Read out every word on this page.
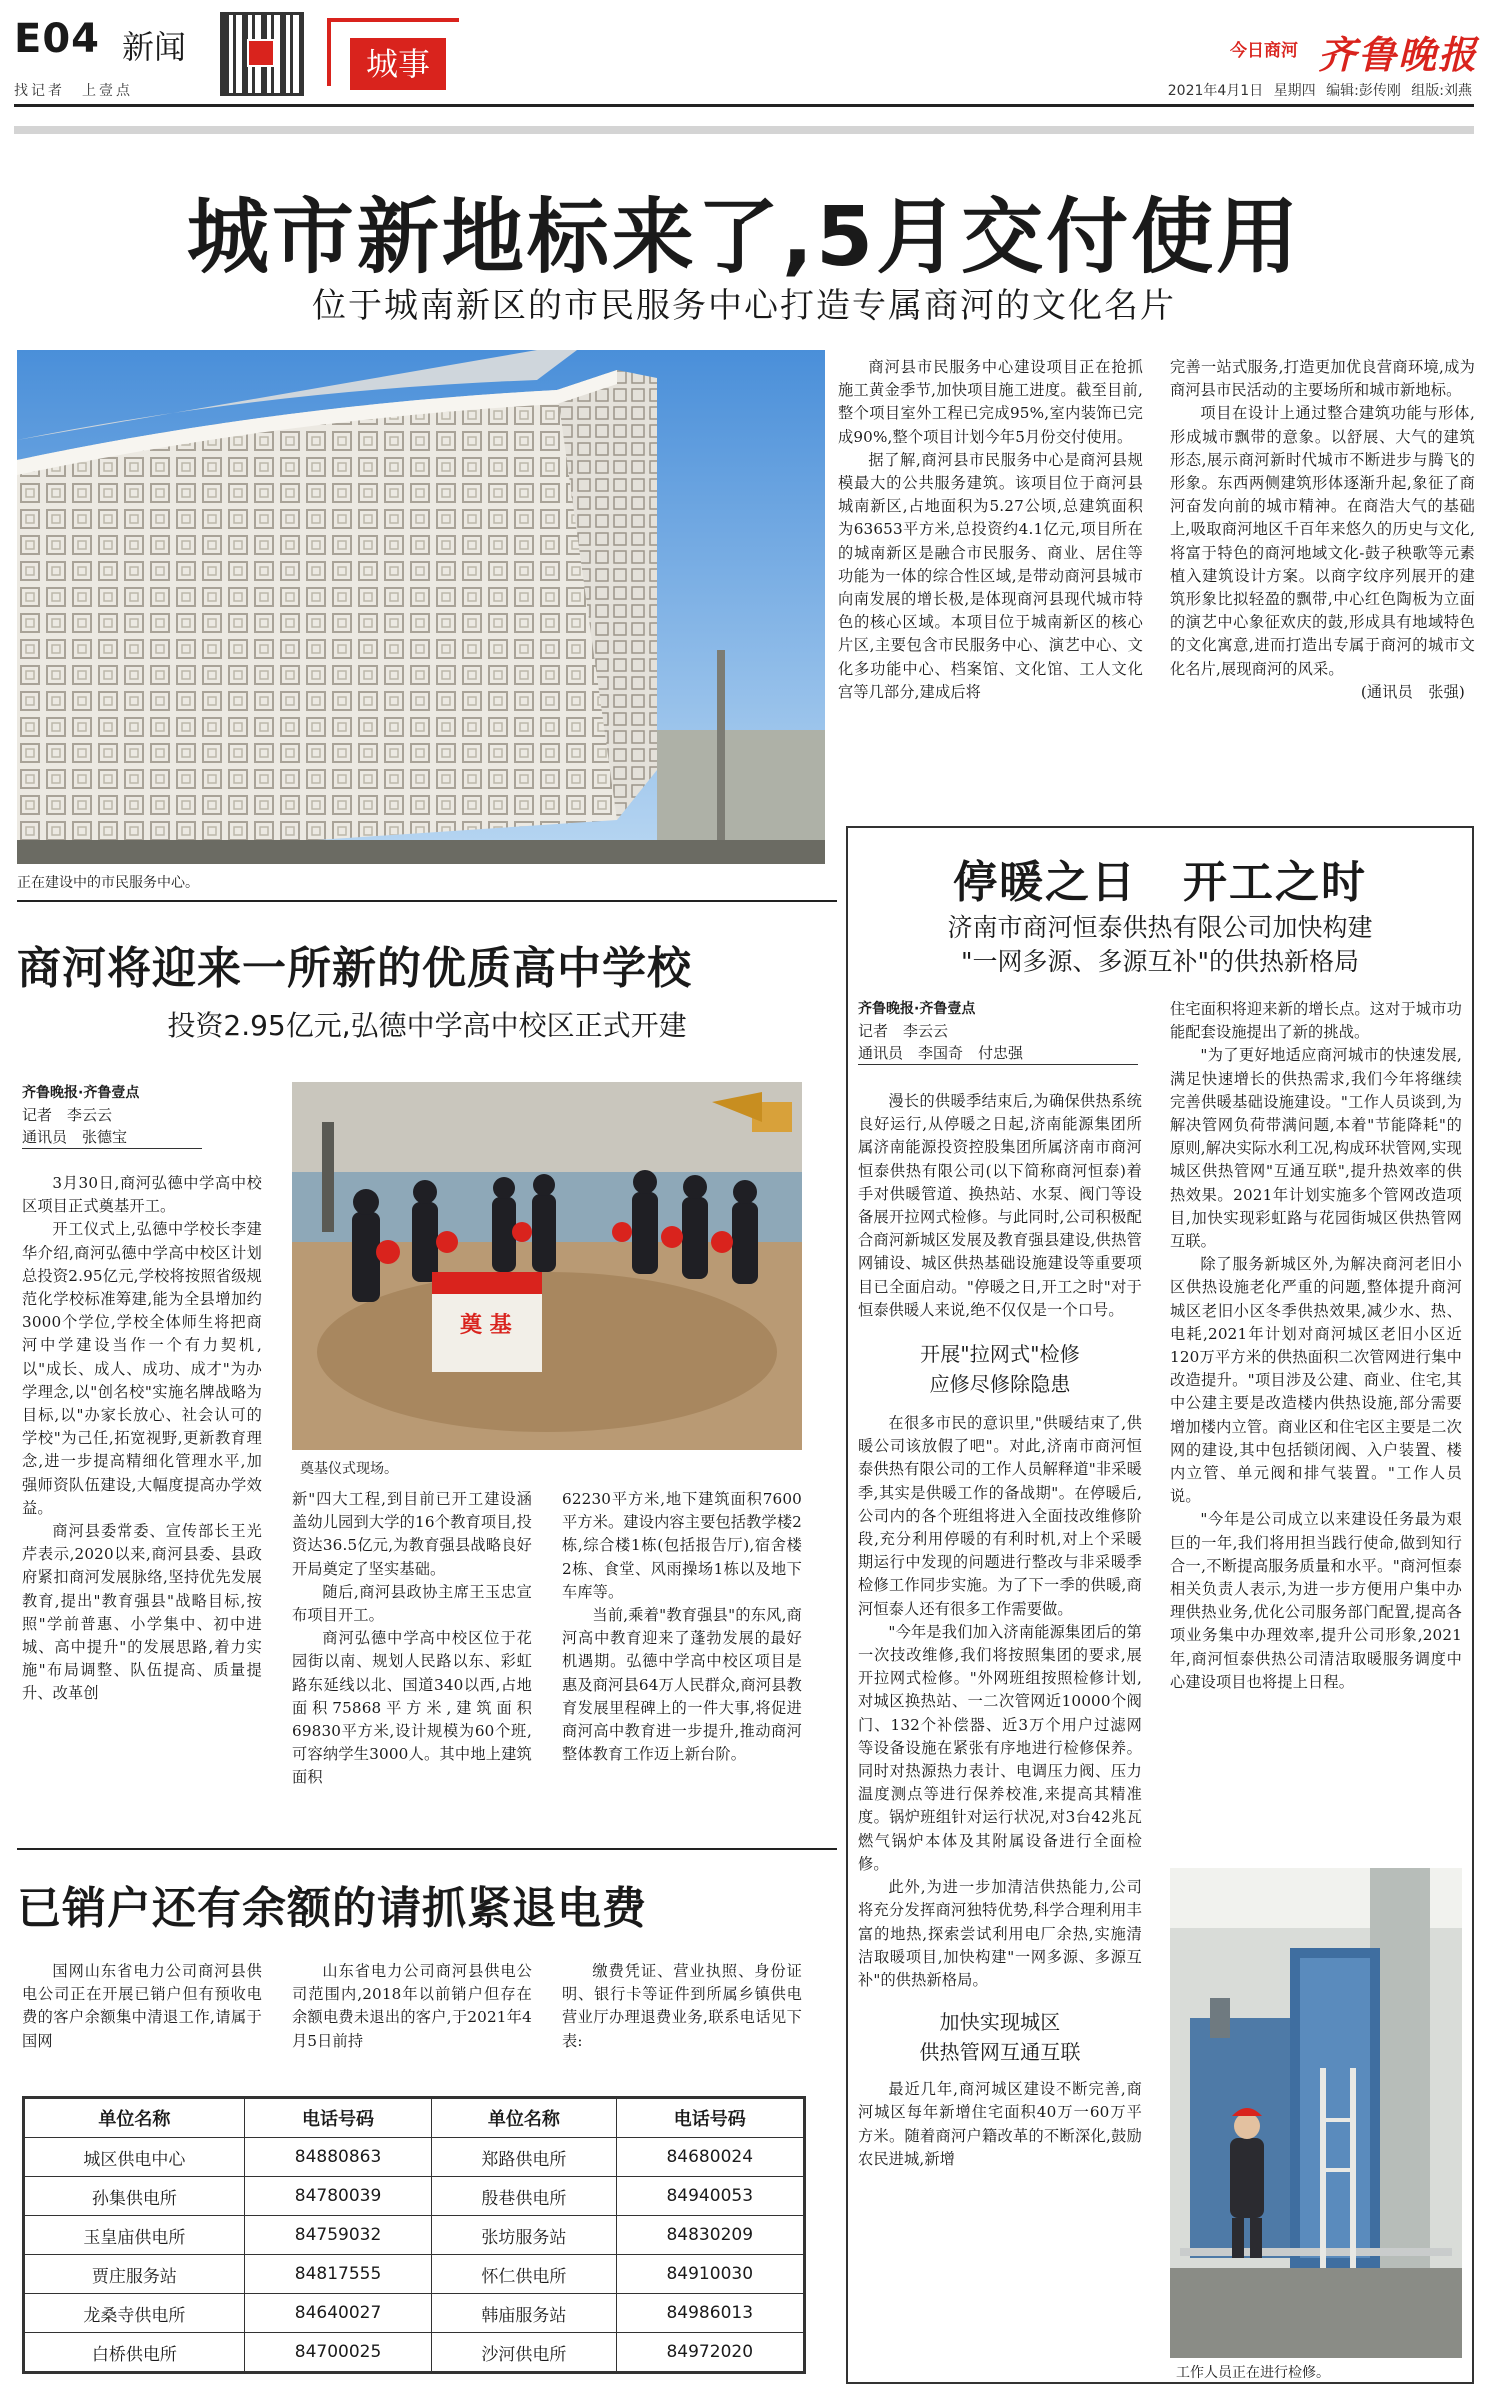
E04 新闻
找记者　上壹点
城事	今日商河 齐鲁晚报
2021年4月1日 星期四 编辑:彭传刚 组版:刘燕
城市新地标来了,5月交付使用
位于城南新区的市民服务中心打造专属商河的文化名片
正在建设中的市民服务中心。

商河县市民服务中心建设项目正在抢抓施工黄金季节,加快项目施工进度。截至目前,整个项目室外工程已完成95%,室内装饰已完成90%,整个项目计划今年5月份交付使用。

据了解,商河县市民服务中心是商河县规模最大的公共服务建筑。该项目位于商河县城南新区,占地面积为5.27公顷,总建筑面积为63653平方米,总投资约4.1亿元,项目所在的城南新区是融合市民服务、商业、居住等功能为一体的综合性区域,是带动商河县城市向南发展的增长极,是体现商河县现代城市特色的核心区域。本项目位于城南新区的核心片区,主要包含市民服务中心、演艺中心、文化多功能中心、档案馆、文化馆、工人文化宫等几部分,建成后将

完善一站式服务,打造更加优良营商环境,成为商河县市民活动的主要场所和城市新地标。

项目在设计上通过整合建筑功能与形体,形成城市飘带的意象。以舒展、大气的建筑形态,展示商河新时代城市不断进步与腾飞的形象。东西两侧建筑形体逐渐升起,象征了商河奋发向前的城市精神。在商浩大气的基础上,吸取商河地区千百年来悠久的历史与文化,将富于特色的商河地域文化-鼓子秧歌等元素植入建筑设计方案。以商字纹序列展开的建筑形象比拟轻盈的飘带,中心红色陶板为立面的演艺中心象征欢庆的鼓,形成具有地域特色的文化寓意,进而打造出专属于商河的城市文化名片,展现商河的风采。

(通讯员　张强)
商河将迎来一所新的优质高中学校
投资2.95亿元,弘德中学高中校区正式开建
齐鲁晚报·齐鲁壹点
记者　李云云
通讯员　张德宝

3月30日,商河弘德中学高中校区项目正式奠基开工。

开工仪式上,弘德中学校长李建华介绍,商河弘德中学高中校区计划总投资2.95亿元,学校将按照省级规范化学校标准筹建,能为全县增加约3000个学位,学校全体师生将把商河中学建设当作一个有力契机,以"成长、成人、成功、成才"为办学理念,以"创名校"实施名牌战略为目标,以"办家长放心、社会认可的学校"为己任,拓宽视野,更新教育理念,进一步提高精细化管理水平,加强师资队伍建设,大幅度提高办学效益。

商河县委常委、宣传部长王光芹表示,2020以来,商河县委、县政府紧扣商河发展脉络,坚持优先发展教育,提出"教育强县"战略目标,按照"学前普惠、小学集中、初中进城、高中提升"的发展思路,着力实施"布局调整、队伍提高、质量提升、改革创

奠 基
奠基仪式现场。

新"四大工程,到目前已开工建设涵盖幼儿园到大学的16个教育项目,投资达36.5亿元,为教育强县战略良好开局奠定了坚实基础。

随后,商河县政协主席王玉忠宣布项目开工。

商河弘德中学高中校区位于花园街以南、规划人民路以东、彩虹路东延线以北、国道340以西,占地面积75868平方米,建筑面积69830平方米,设计规模为60个班,可容纳学生3000人。其中地上建筑面积

62230平方米,地下建筑面积7600平方米。建设内容主要包括教学楼2栋,综合楼1栋(包括报告厅),宿舍楼2栋、食堂、风雨操场1栋以及地下车库等。

当前,乘着"教育强县"的东风,商河高中教育迎来了蓬勃发展的最好机遇期。弘德中学高中校区项目是惠及商河县64万人民群众,商河县教育发展里程碑上的一件大事,将促进商河高中教育进一步提升,推动商河整体教育工作迈上新台阶。

已销户还有余额的请抓紧退电费

国网山东省电力公司商河县供电公司正在开展已销户但有预收电费的客户余额集中清退工作,请属于国网

山东省电力公司商河县供电公司范围内,2018年以前销户但存在余额电费未退出的客户,于2021年4月5日前持

缴费凭证、营业执照、身份证明、银行卡等证件到所属乡镇供电营业厅办理退费业务,联系电话见下表:

单位名称	电话号码	单位名称	电话号码
城区供电中心	84880863	郑路供电所	84680024
孙集供电所	84780039	殷巷供电所	84940053
玉皇庙供电所	84759032	张坊服务站	84830209
贾庄服务站	84817555	怀仁供电所	84910030
龙桑寺供电所	84640027	韩庙服务站	84986013
白桥供电所	84700025	沙河供电所	84972020
停暖之日　开工之时
济南市商河恒泰供热有限公司加快构建
"一网多源、多源互补"的供热新格局
齐鲁晚报·齐鲁壹点
记者　李云云
通讯员　李国奇　付忠强

漫长的供暖季结束后,为确保供热系统良好运行,从停暖之日起,济南能源集团所属济南能源投资控股集团所属济南市商河恒泰供热有限公司(以下简称商河恒泰)着手对供暖管道、换热站、水泵、阀门等设备展开拉网式检修。与此同时,公司积极配合商河新城区发展及教育强县建设,供热管网铺设、城区供热基础设施建设等重要项目已全面启动。"停暖之日,开工之时"对于恒泰供暖人来说,绝不仅仅是一个口号。

开展"拉网式"检修
应修尽修除隐患

在很多市民的意识里,"供暖结束了,供暖公司该放假了吧"。对此,济南市商河恒泰供热有限公司的工作人员解释道"非采暖季,其实是供暖工作的备战期"。在停暖后,公司内的各个班组将进入全面技改维修阶段,充分利用停暖的有利时机,对上个采暖期运行中发现的问题进行整改与非采暖季检修工作同步实施。为了下一季的供暖,商河恒泰人还有很多工作需要做。

"今年是我们加入济南能源集团后的第一次技改维修,我们将按照集团的要求,展开拉网式检修。"外网班组按照检修计划,对城区换热站、一二次管网近10000个阀门、132个补偿器、近3万个用户过滤网等设备设施在紧张有序地进行检修保养。同时对热源热力表计、电调压力阀、压力温度测点等进行保养校准,来提高其精准度。锅炉班组针对运行状况,对3台42兆瓦燃气锅炉本体及其附属设备进行全面检修。

此外,为进一步加清洁供热能力,公司将充分发挥商河独特优势,科学合理利用丰富的地热,探索尝试利用电厂余热,实施清洁取暖项目,加快构建"一网多源、多源互补"的供热新格局。

加快实现城区
供热管网互通互联

最近几年,商河城区建设不断完善,商河城区每年新增住宅面积40万一60万平方米。随着商河户籍改革的不断深化,鼓励农民进城,新增

住宅面积将迎来新的增长点。这对于城市功能配套设施提出了新的挑战。

"为了更好地适应商河城市的快速发展,满足快速增长的供热需求,我们今年将继续完善供暖基础设施建设。"工作人员谈到,为解决管网负荷带满问题,本着"节能降耗"的原则,解决实际水利工况,构成环状管网,实现城区供热管网"互通互联",提升热效率的供热效果。2021年计划实施多个管网改造项目,加快实现彩虹路与花园街城区供热管网互联。

除了服务新城区外,为解决商河老旧小区供热设施老化严重的问题,整体提升商河城区老旧小区冬季供热效果,减少水、热、电耗,2021年计划对商河城区老旧小区近120万平方米的供热面积二次管网进行集中改造提升。"项目涉及公建、商业、住宅,其中公建主要是改造楼内供热设施,部分需要增加楼内立管。商业区和住宅区主要是二次网的建设,其中包括锁闭阀、入户装置、楼内立管、单元阀和排气装置。"工作人员说。

"今年是公司成立以来建设任务最为艰巨的一年,我们将用担当践行使命,做到知行合一,不断提高服务质量和水平。"商河恒泰相关负责人表示,为进一步方便用户集中办理供热业务,优化公司服务部门配置,提高各项业务集中办理效率,提升公司形象,2021年,商河恒泰供热公司清洁取暖服务调度中心建设项目也将提上日程。

工作人员正在进行检修。
